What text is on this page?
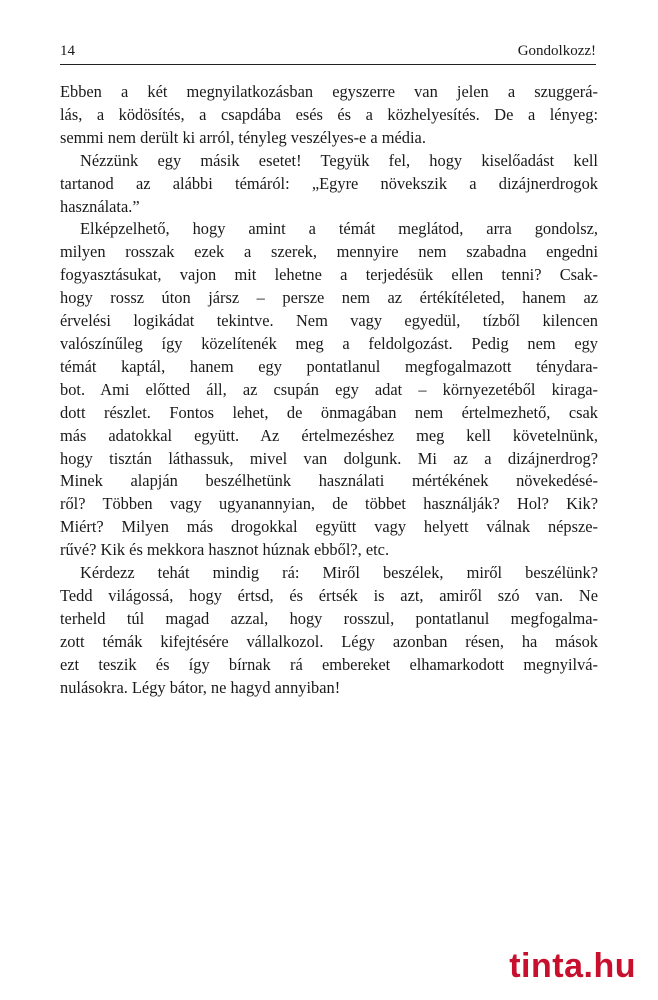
14	Gondolkozz!

Ebben a két megnyilatkozásban egyszerre van jelen a szuggerá-
lás, a ködösítés, a csapdába esés és a közhelyesítés. De a lényeg:
semmi nem derült ki arról, tényleg veszélyes-e a média.

Nézzünk egy másik esetet! Tegyük fel, hogy kiselőadást kell
tartanod az alábbi témáról: „Egyre növekszik a dizájnerdrogok
használata.”

Elképzelhető, hogy amint a témát meglátod, arra gondolsz,
milyen rosszak ezek a szerek, mennyire nem szabadna engedni
fogyasztásukat, vajon mit lehetne a terjedésük ellen tenni? Csak-
hogy rossz úton jársz – persze nem az értékítéleted, hanem az
érvelési logikádat tekintve. Nem vagy egyedül, tízből kilencen
valószínűleg így közelítenék meg a feldolgozást. Pedig nem egy
témát kaptál, hanem egy pontatlanul megfogalmazott ténydara-
bot. Ami előtted áll, az csupán egy adat – környezetéből kiraga-
dott részlet. Fontos lehet, de önmagában nem értelmezhető, csak
más adatokkal együtt. Az értelmezéshez meg kell követelnünk,
hogy tisztán láthassuk, mivel van dolgunk. Mi az a dizájnerdrog?
Minek alapján beszélhetünk használati mértékének növekedésé-
ről? Többen vagy ugyanannyian, de többet használják? Hol? Kik?
Miért? Milyen más drogokkal együtt vagy helyett válnak népsze-
rűvé? Kik és mekkora hasznot húznak ebből?, etc.

Kérdezz tehát mindig rá: Miről beszélek, miről beszélünk?
Tedd világossá, hogy értsd, és értsék is azt, amiről szó van. Ne
terheld túl magad azzal, hogy rosszul, pontatlanul megfogalma-
zott témák kifejtésére vállalkozol. Légy azonban résen, ha mások
ezt teszik és így bírnak rá embereket elhamarkodott megnyilvá-
nulásokra. Légy bátor, ne hagyd annyiban!

tinta.hu
